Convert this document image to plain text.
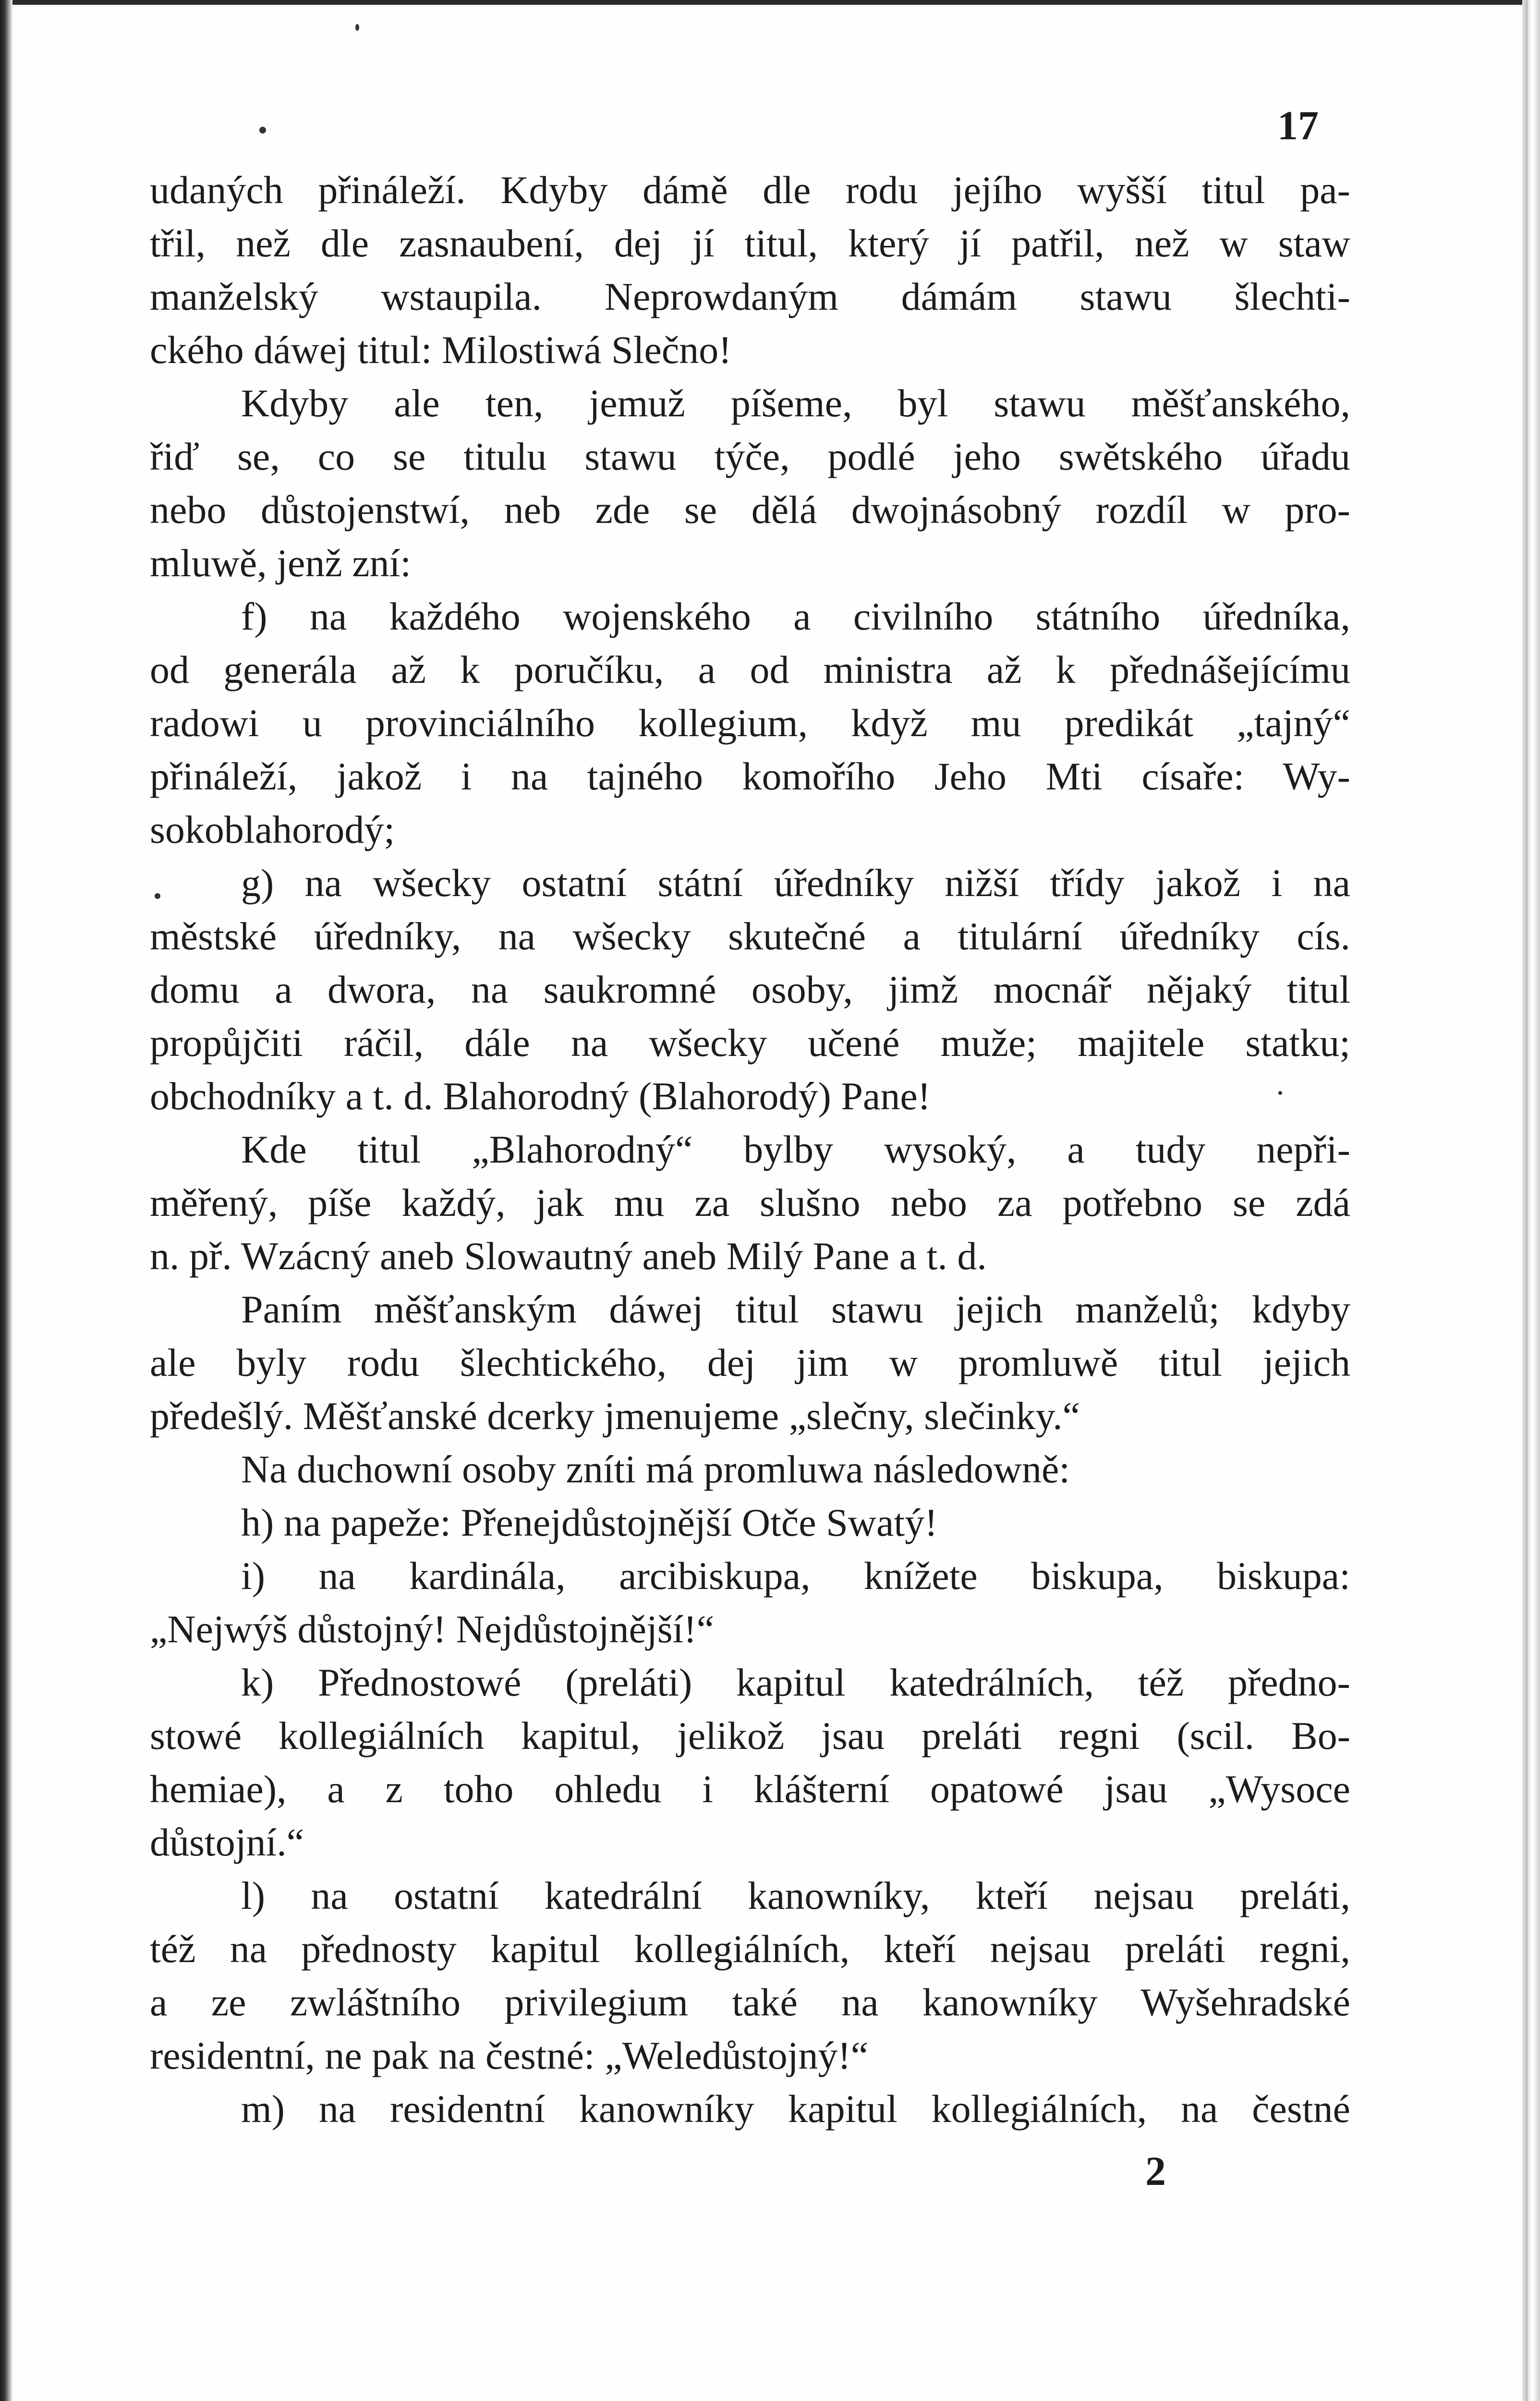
17
udaných přináleží. Kdyby dámě dle rodu jejího wyšší titul pa-
třil, než dle zasnaubení, dej jí titul, který jí patřil, než w staw
manželský wstaupila. Neprowdaným dámám stawu šlechti-
ckého dáwej titul: Milostiwá Slečno!
Kdyby ale ten, jemuž píšeme, byl stawu měšťanského,
řiď se, co se titulu stawu týče, podlé jeho swětského úřadu
nebo důstojenstwí, neb zde se dělá dwojnásobný rozdíl w pro-
mluwě, jenž zní:
f) na každého wojenského a civilního státního úředníka,
od generála až k poručíku, a od ministra až k přednášejícímu
radowi u provinciálního kollegium, když mu predikát „tajný“
přináleží, jakož i na tajného komořího Jeho Mti císaře: Wy-
sokoblahorodý;
g) na wšecky ostatní státní úředníky nižší třídy jakož i na
městské úředníky, na wšecky skutečné a titulární úředníky cís.
domu a dwora, na saukromné osoby, jimž mocnář nějaký titul
propůjčiti ráčil, dále na wšecky učené muže; majitele statku;
obchodníky a t. d. Blahorodný (Blahorodý) Pane!
Kde titul „Blahorodný“ bylby wysoký, a tudy nepři-
měřený, píše každý, jak mu za slušno nebo za potřebno se zdá
n. př. Wzácný aneb Slowautný aneb Milý Pane a t. d.
Paním měšťanským dáwej titul stawu jejich manželů; kdyby
ale byly rodu šlechtického, dej jim w promluwě titul jejich
předešlý. Měšťanské dcerky jmenujeme „slečny, slečinky.“
Na duchowní osoby zníti má promluwa následowně:
h) na papeže: Přenejdůstojnější Otče Swatý!
i) na kardinála, arcibiskupa, knížete biskupa, biskupa:
„Nejwýš důstojný! Nejdůstojnější!“
k) Přednostowé (preláti) kapitul katedrálních, též předno-
stowé kollegiálních kapitul, jelikož jsau preláti regni (scil. Bo-
hemiae), a z toho ohledu i klášterní opatowé jsau „Wysoce
důstojní.“
l) na ostatní katedrální kanowníky, kteří nejsau preláti,
též na přednosty kapitul kollegiálních, kteří nejsau preláti regni,
a ze zwláštního privilegium také na kanowníky Wyšehradské
residentní, ne pak na čestné: „Weledůstojný!“
m) na residentní kanowníky kapitul kollegiálních, na čestné
2
